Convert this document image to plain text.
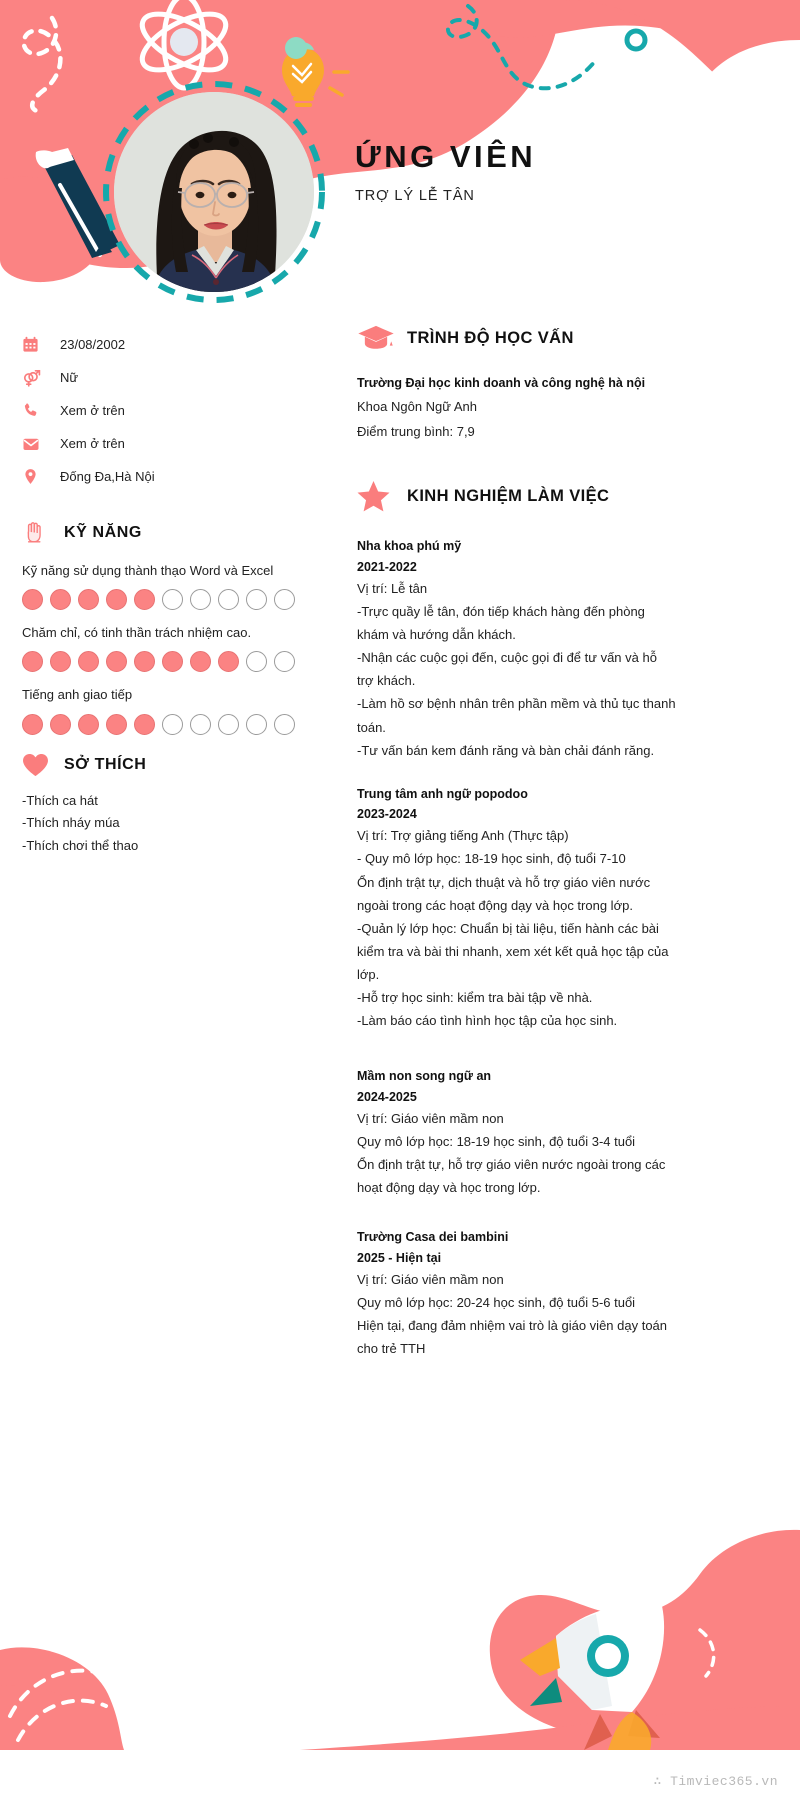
ỨNG VIÊN
TRỢ LÝ LỄ TÂN
23/08/2002
Nữ
Xem ở trên
Xem ở trên
Đống Đa,Hà Nội
KỸ NĂNG
Kỹ năng sử dụng thành thạo Word và Excel
Chăm chỉ, có tinh thần trách nhiệm cao.
Tiếng anh giao tiếp
SỞ THÍCH
-Thích ca hát
-Thích nháy múa
-Thích chơi thể thao
TRÌNH ĐỘ HỌC VẤN
Trường Đại học kinh doanh và công nghệ hà nội
Khoa Ngôn Ngữ Anh
Điểm trung bình: 7,9
KINH NGHIỆM LÀM VIỆC
Nha khoa phú mỹ
2021-2022
Vị trí: Lễ tân
-Trực quầy lễ tân, đón tiếp khách hàng đến phòng khám và hướng dẫn khách.
-Nhận các cuộc gọi đến, cuộc gọi đi để tư vấn và hỗ trợ khách.
-Làm hồ sơ bệnh nhân trên phần mềm và thủ tục thanh toán.
-Tư vấn bán kem đánh răng và bàn chải đánh răng.
Trung tâm anh ngữ popodoo
2023-2024
Vị trí: Trợ giảng tiếng Anh (Thực tập)
- Quy mô lớp học: 18-19 học sinh, độ tuổi 7-10
Ổn định trật tự, dịch thuật và hỗ trợ giáo viên nước ngoài trong các hoạt động dạy và học trong lớp.
-Quản lý lớp học: Chuẩn bị tài liệu, tiến hành các bài kiểm tra và bài thi nhanh, xem xét kết quả học tập của lớp.
-Hỗ trợ học sinh: kiểm tra bài tập về nhà.
-Làm báo cáo tình hình học tập của học sinh.
Mầm non song ngữ an
2024-2025
Vị trí: Giáo viên mầm non
Quy mô lớp học: 18-19 học sinh, độ tuổi 3-4 tuổi
Ổn định trật tự, hỗ trợ giáo viên nước ngoài trong các hoạt động dạy và học trong lớp.
Trường Casa dei bambini
2025 - Hiện tại
Vị trí: Giáo viên mầm non
Quy mô lớp học: 20-24 học sinh, độ tuổi 5-6 tuổi
Hiện tại, đang đảm nhiệm vai trò là giáo viên dạy toán cho trẻ TTH
∴ Timviec365.vn
